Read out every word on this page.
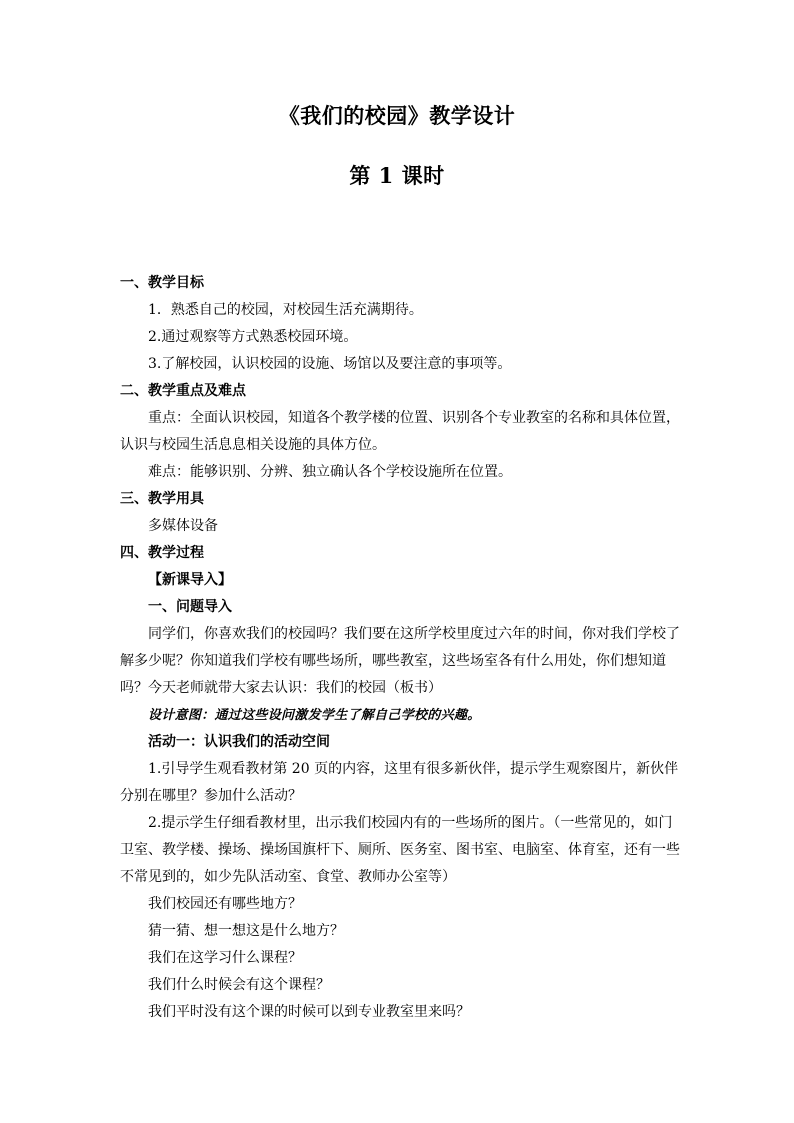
《我们的校园》教学设计
第 1 课时

一、教学目标

1．熟悉自己的校园，对校园生活充满期待。

2.通过观察等方式熟悉校园环境。

3.了解校园，认识校园的设施、场馆以及要注意的事项等。

二、教学重点及难点

重点：全面认识校园，知道各个教学楼的位置、识别各个专业教室的名称和具体位置，认识与校园生活息息相关设施的具体方位。

难点：能够识别、分辨、独立确认各个学校设施所在位置。

三、教学用具

多媒体设备

四、教学过程

【新课导入】

一、问题导入

同学们，你喜欢我们的校园吗？我们要在这所学校里度过六年的时间，你对我们学校了解多少呢？你知道我们学校有哪些场所，哪些教室，这些场室各有什么用处，你们想知道吗？今天老师就带大家去认识：我们的校园（板书）

设计意图：通过这些设问激发学生了解自己学校的兴趣。

活动一：认识我们的活动空间

1.引导学生观看教材第 20 页的内容，这里有很多新伙伴，提示学生观察图片，新伙伴分别在哪里？参加什么活动？

2.提示学生仔细看教材里，出示我们校园内有的一些场所的图片。（一些常见的，如门卫室、教学楼、操场、操场国旗杆下、厕所、医务室、图书室、电脑室、体育室，还有一些不常见到的，如少先队活动室、食堂、教师办公室等）

我们校园还有哪些地方？

猜一猜、想一想这是什么地方？

我们在这学习什么课程？

我们什么时候会有这个课程？

我们平时没有这个课的时候可以到专业教室里来吗？
